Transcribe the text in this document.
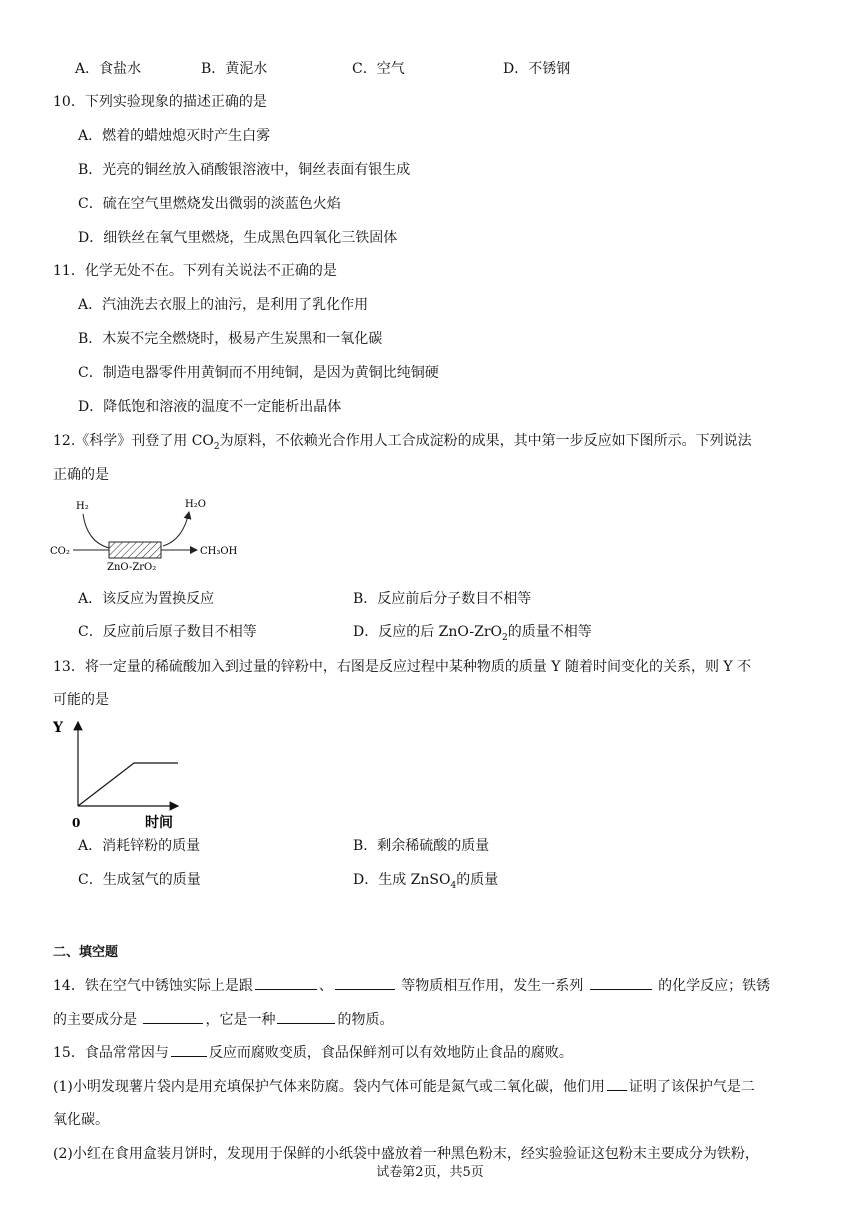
A．食盐水	B．黄泥水	C．空气	D．不锈钢
10．下列实验现象的描述正确的是
A．燃着的蜡烛熄灭时产生白雾
B．光亮的铜丝放入硝酸银溶液中，铜丝表面有银生成
C．硫在空气里燃烧发出微弱的淡蓝色火焰
D．细铁丝在氧气里燃烧，生成黑色四氧化三铁固体
11．化学无处不在。下列有关说法不正确的是
A．汽油洗去衣服上的油污，是利用了乳化作用
B．木炭不完全燃烧时，极易产生炭黑和一氧化碳
C．制造电器零件用黄铜而不用纯铜，是因为黄铜比纯铜硬
D．降低饱和溶液的温度不一定能析出晶体
12.《科学》刊登了用 $CO_2$为原料，不依赖光合作用人工合成淀粉的成果，其中第一步反应如下图所示。下列说法
正确的是
H₂	H₂O
CO₂	CH₃OH
ZnO-ZrO₂
A．该反应为置换反应	B．反应前后分子数目不相等
C．反应前后原子数目不相等	D．反应的后 ZnO-ZrO$_2$的质量不相等
13．将一定量的稀硫酸加入到过量的锌粉中，右图是反应过程中某种物质的质量 Y 随着时间变化的关系，则 Y 不
可能的是
Y
0	时间
A．消耗锌粉的质量	B．剩余稀硫酸的质量
C．生成氢气的质量	D．生成 ZnSO$_4$的质量
二、填空题
14．铁在空气中锈蚀实际上是跟	、	等物质相互作用，发生一系列	的化学反应；铁锈
的主要成分是	，它是一种	的物质。
15．食品常常因与	反应而腐败变质，食品保鲜剂可以有效地防止食品的腐败。
(1)小明发现薯片袋内是用充填保护气体来防腐。袋内气体可能是氮气或二氧化碳，他们用 证明了该保护气是二
氧化碳。
(2)小红在食用盒装月饼时，发现用于保鲜的小纸袋中盛放着一种黑色粉末，经实验验证这包粉末主要成分为铁粉，
试卷第2页，共5页
